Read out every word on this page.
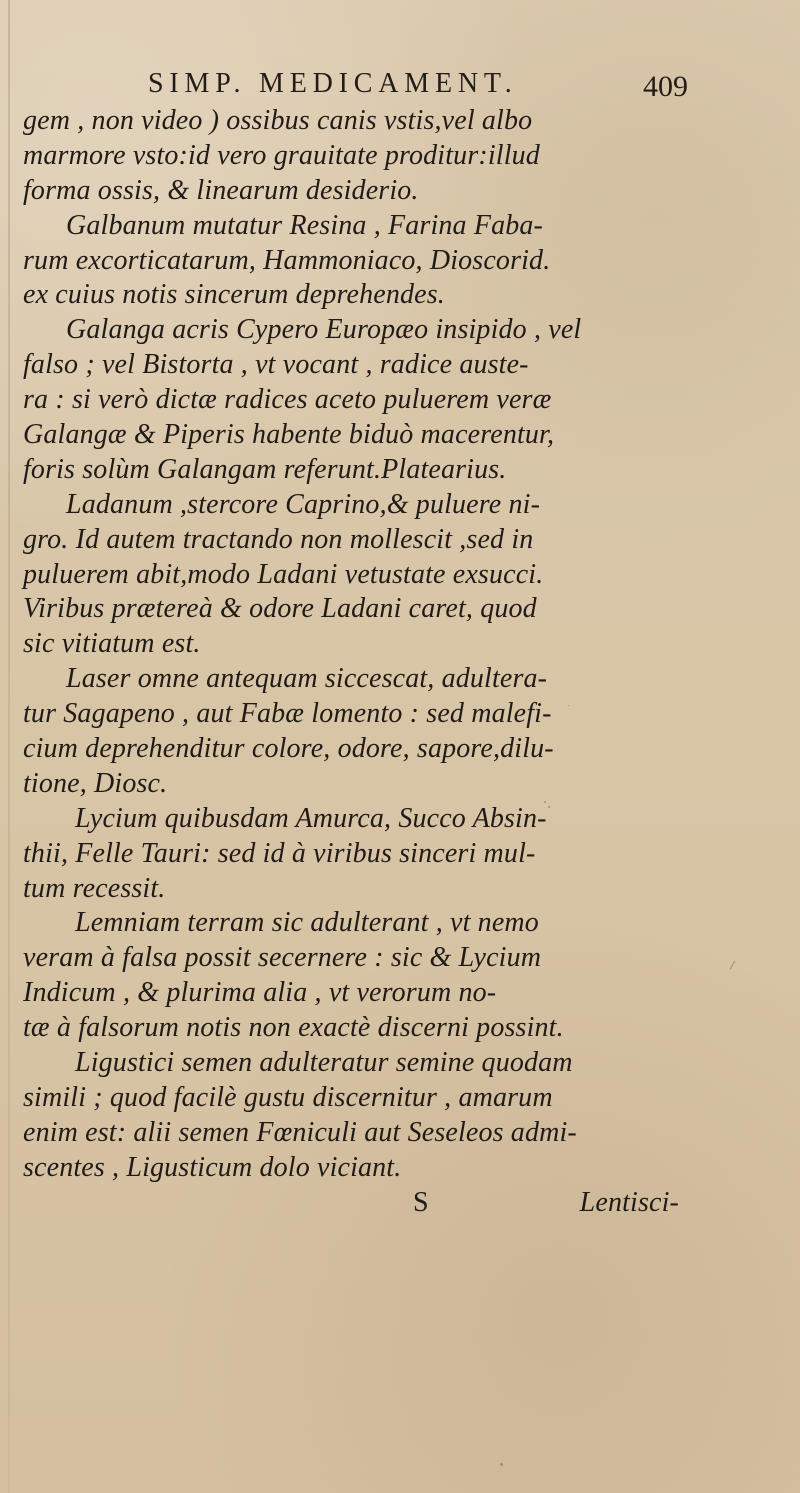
SIMP. MEDICAMENT.	409
gem , non video ) ossibus canis vstis,vel albo
marmore vsto:id vero grauitate proditur:illud
forma ossis, & linearum desiderio.
Galbanum mutatur Resina , Farina Faba-
rum excorticatarum, Hammoniaco, Dioscorid.
ex cuius notis sincerum deprehendes.
Galanga acris Cypero Europæo insipido , vel
falso ; vel Bistorta , vt vocant , radice auste-
ra : si verò dictæ radices aceto puluerem veræ
Galangæ & Piperis habente biduò macerentur,
foris solùm Galangam referunt.Platearius.
Ladanum ,stercore Caprino,& puluere ni-
gro. Id autem tractando non mollescit ,sed in
puluerem abit,modo Ladani vetustate exsucci.
Viribus prætereà & odore Ladani caret, quod
sic vitiatum est.
Laser omne antequam siccescat, adultera-
tur Sagapeno , aut Fabæ lomento : sed malefi-
cium deprehenditur colore, odore, sapore,dilu-
tione, Diosc.
Lycium quibusdam Amurca, Succo Absin-
thii, Felle Tauri: sed id à viribus sinceri mul-
tum recessit.
Lemniam terram sic adulterant , vt nemo
veram à falsa possit secernere : sic & Lycium
Indicum , & plurima alia , vt verorum no-
tæ à falsorum notis non exactè discerni possint.
Ligustici semen adulteratur semine quodam
simili ; quod facilè gustu discernitur , amarum
enim est: alii semen Fœniculi aut Seseleos admi-
scentes , Ligusticum dolo viciant.
S	Lentisci-
